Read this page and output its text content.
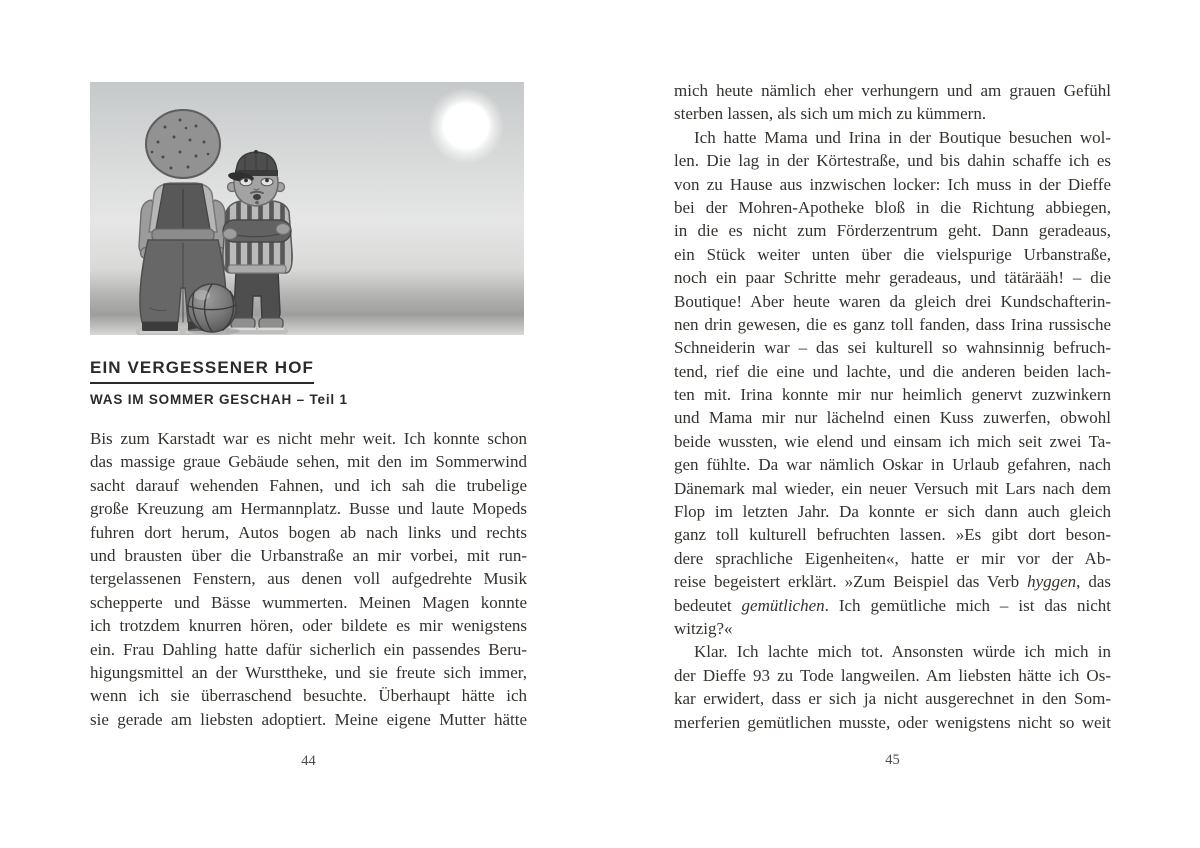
EIN VERGESSENER HOF
WAS IM SOMMER GESCHAH – Teil 1
Bis zum Karstadt war es nicht mehr weit. Ich konnte schon
das massige graue Gebäude sehen, mit den im Sommerwind
sacht darauf wehenden Fahnen, und ich sah die trubelige
große Kreuzung am Hermannplatz. Busse und laute Mopeds
fuhren dort herum, Autos bogen ab nach links und rechts
und brausten über die Urbanstraße an mir vorbei, mit run-
tergelassenen Fenstern, aus denen voll aufgedrehte Musik
schepperte und Bässe wummerten. Meinen Magen konnte
ich trotzdem knurren hören, oder bildete es mir wenigstens
ein. Frau Dahling hatte dafür sicherlich ein passendes Beru-
higungsmittel an der Wursttheke, und sie freute sich immer,
wenn ich sie überraschend besuchte. Überhaupt hätte ich
sie gerade am liebsten adoptiert. Meine eigene Mutter hätte
44
mich heute nämlich eher verhungern und am grauen Gefühl
sterben lassen, als sich um mich zu kümmern.
Ich hatte Mama und Irina in der Boutique besuchen wol-
len. Die lag in der Körtestraße, und bis dahin schaffe ich es
von zu Hause aus inzwischen locker: Ich muss in der Dieffe
bei der Mohren-Apotheke bloß in die Richtung abbiegen,
in die es nicht zum Förderzentrum geht. Dann geradeaus,
ein Stück weiter unten über die vielspurige Urbanstraße,
noch ein paar Schritte mehr geradeaus, und tätärääh! – die
Boutique! Aber heute waren da gleich drei Kundschafterin-
nen drin gewesen, die es ganz toll fanden, dass Irina russische
Schneiderin war – das sei kulturell so wahnsinnig befruch-
tend, rief die eine und lachte, und die anderen beiden lach-
ten mit. Irina konnte mir nur heimlich genervt zuzwinkern
und Mama mir nur lächelnd einen Kuss zuwerfen, obwohl
beide wussten, wie elend und einsam ich mich seit zwei Ta-
gen fühlte. Da war nämlich Oskar in Urlaub gefahren, nach
Dänemark mal wieder, ein neuer Versuch mit Lars nach dem
Flop im letzten Jahr. Da konnte er sich dann auch gleich
ganz toll kulturell befruchten lassen. »Es gibt dort beson-
dere sprachliche Eigenheiten«, hatte er mir vor der Ab-
reise begeistert erklärt. »Zum Beispiel das Verb hyggen, das
bedeutet gemütlichen. Ich gemütliche mich – ist das nicht
witzig?«
Klar. Ich lachte mich tot. Ansonsten würde ich mich in
der Dieffe 93 zu Tode langweilen. Am liebsten hätte ich Os-
kar erwidert, dass er sich ja nicht ausgerechnet in den Som-
merferien gemütlichen musste, oder wenigstens nicht so weit
45
